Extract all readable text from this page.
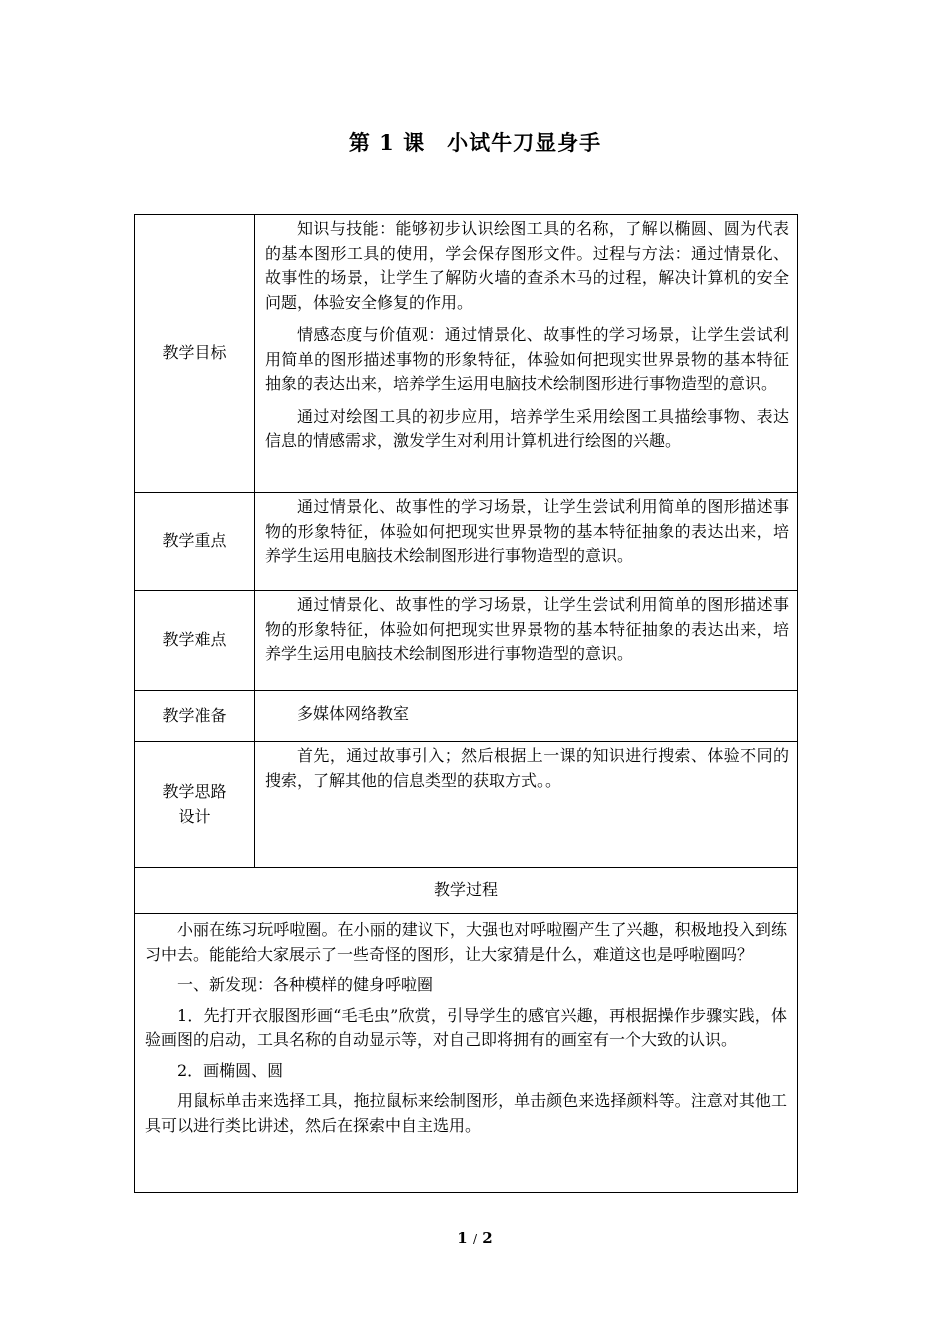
第 1 课　小试牛刀显身手
教学目标	知识与技能：能够初步认识绘图工具的名称，了解以椭圆、圆为代表的基本图形工具的使用，学会保存图形文件。过程与方法：通过情景化、故事性的场景，让学生了解防火墙的查杀木马的过程，解决计算机的安全问题，体验安全修复的作用。

情感态度与价值观：通过情景化、故事性的学习场景，让学生尝试利用简单的图形描述事物的形象特征，体验如何把现实世界景物的基本特征抽象的表达出来，培养学生运用电脑技术绘制图形进行事物造型的意识。

通过对绘图工具的初步应用，培养学生采用绘图工具描绘事物、表达信息的情感需求，激发学生对利用计算机进行绘图的兴趣。

教学重点	通过情景化、故事性的学习场景，让学生尝试利用简单的图形描述事物的形象特征，体验如何把现实世界景物的基本特征抽象的表达出来，培养学生运用电脑技术绘制图形进行事物造型的意识。

教学难点	通过情景化、故事性的学习场景，让学生尝试利用简单的图形描述事物的形象特征，体验如何把现实世界景物的基本特征抽象的表达出来，培养学生运用电脑技术绘制图形进行事物造型的意识。

教学准备	多媒体网络教室

教学思路
设计	首先，通过故事引入；然后根据上一课的知识进行搜索、体验不同的搜索，了解其他的信息类型的获取方式。。

教学过程	

小丽在练习玩呼啦圈。在小丽的建议下，大强也对呼啦圈产生了兴趣，积极地投入到练习中去。能能给大家展示了一些奇怪的图形，让大家猜是什么，难道这也是呼啦圈吗？

一、新发现：各种模样的健身呼啦圈

1．先打开衣服图形画“毛毛虫”欣赏，引导学生的感官兴趣，再根据操作步骤实践，体验画图的启动，工具名称的自动显示等，对自己即将拥有的画室有一个大致的认识。

2．画椭圆、圆

用鼠标单击来选择工具，拖拉鼠标来绘制图形，单击颜色来选择颜料等。注意对其他工具可以进行类比讲述，然后在探索中自主选用。	

1 / 2
